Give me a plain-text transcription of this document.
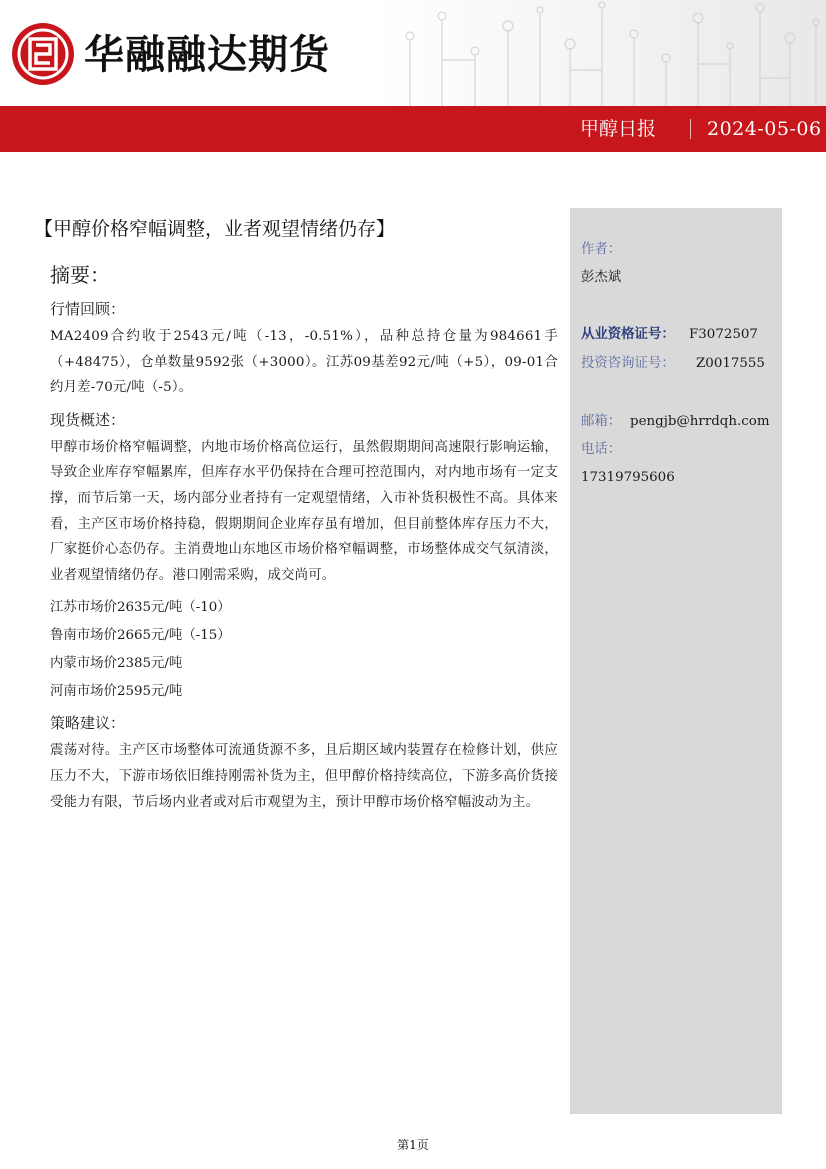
华融融达期货
甲醇日报	2024-05-06
【甲醇价格窄幅调整，业者观望情绪仍存】
摘要：
行情回顾：

MA2409合约收于2543元/吨（-13，-0.51%），品种总持仓量为984661手（+48475），仓单数量9592张（+3000）。江苏09基差92元/吨（+5），09-01合约月差-70元/吨（-5）。

现货概述：

甲醇市场价格窄幅调整，内地市场价格高位运行，虽然假期期间高速限行影响运输，导致企业库存窄幅累库，但库存水平仍保持在合理可控范围内，对内地市场有一定支撑，而节后第一天，场内部分业者持有一定观望情绪，入市补货积极性不高。具体来看，主产区市场价格持稳，假期期间企业库存虽有增加，但目前整体库存压力不大，厂家挺价心态仍存。主消费地山东地区市场价格窄幅调整，市场整体成交气氛清淡，业者观望情绪仍存。港口刚需采购，成交尚可。

江苏市场价2635元/吨（-10）
鲁南市场价2665元/吨（-15）
内蒙市场价2385元/吨
河南市场价2595元/吨
策略建议：

震荡对待。主产区市场整体可流通货源不多，且后期区域内装置存在检修计划，供应压力不大，下游市场依旧维持刚需补货为主，但甲醇价格持续高位，下游多高价货接受能力有限，节后场内业者或对后市观望为主，预计甲醇市场价格窄幅波动为主。

作者：
彭杰斌
从业资格证号： F3072507
投资咨询证号： Z0017555
邮箱： pengjb@hrrdqh.com
电话：
17319795606
第1页
